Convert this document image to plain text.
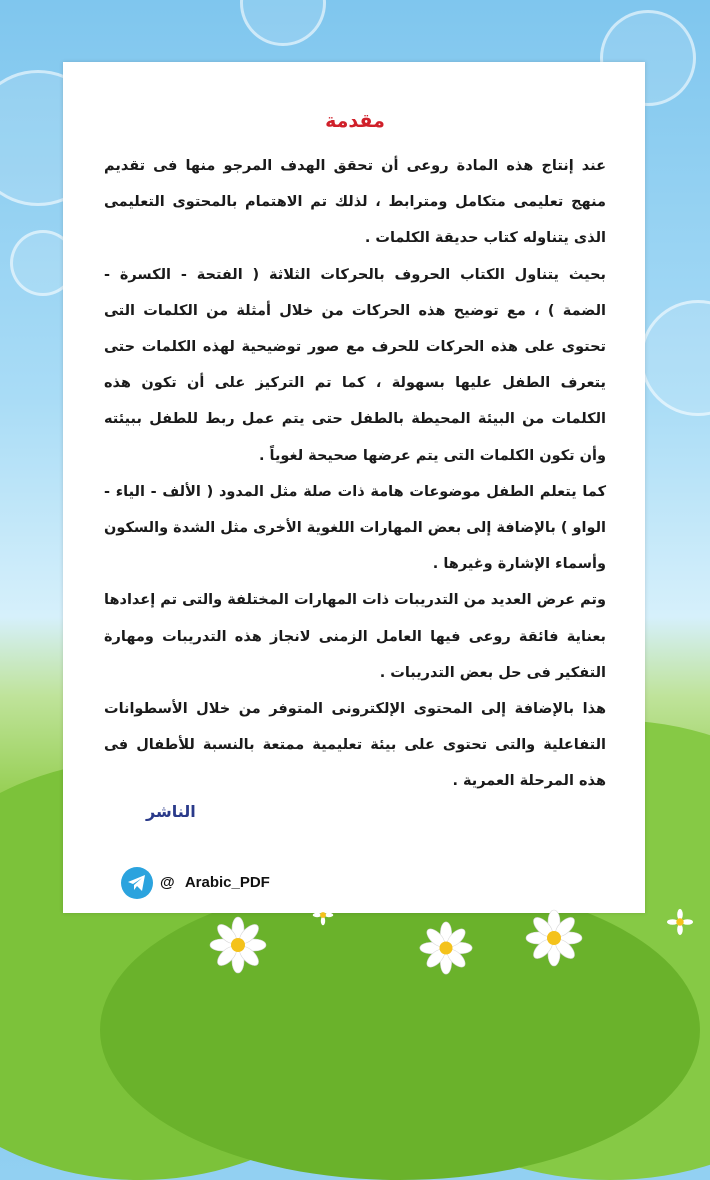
مقدمة

عند إنتاج هذه المادة روعى أن تحقق الهدف المرجو منها فى تقديم منهج تعليمى متكامل ومترابط ، لذلك تم الاهتمام بالمحتوى التعليمى الذى يتناوله كتاب حديقة الكلمات .

بحيث يتناول الكتاب الحروف بالحركات الثلاثة ( الفتحة - الكسرة - الضمة ) ، مع توضيح هذه الحركات من خلال أمثلة من الكلمات التى تحتوى على هذه الحركات للحرف مع صور توضيحية لهذه الكلمات حتى يتعرف الطفل عليها بسهولة ، كما تم التركيز على أن تكون هذه الكلمات من البيئة المحيطة بالطفل حتى يتم عمل ربط للطفل ببيئته وأن تكون الكلمات التى يتم عرضها صحيحة لغوياً .

كما يتعلم الطفل موضوعات هامة ذات صلة مثل المدود ( الألف - الياء - الواو ) بالإضافة إلى بعض المهارات اللغوية الأخرى مثل الشدة والسكون وأسماء الإشارة وغيرها .

وتم عرض العديد من التدريبات ذات المهارات المختلفة والتى تم إعدادها بعناية فائقة روعى فيها العامل الزمنى لانجاز هذه التدريبات ومهارة التفكير فى حل بعض التدريبات .

هذا بالإضافة إلى المحتوى الإلكترونى المتوفر من خلال الأسطوانات التفاعلية والتى تحتوى على بيئة تعليمية ممتعة بالنسبة للأطفال فى هذه المرحلة العمرية .

الناشر
@ Arabic_PDF
